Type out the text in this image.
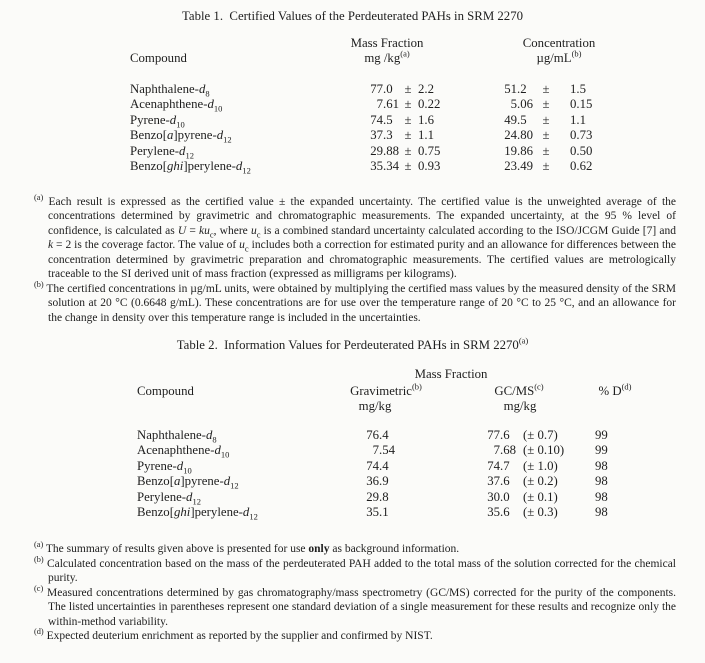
Table 1.  Certified Values of the Perdeuterated PAHs in SRM 2270
Mass Fraction	Concentration
Compound	mg $/kg^{(a)}$	$\mu g/mL^{(b)}$
Naphthalene-$d_8$	77 .0 ± 2.2	51 .2	±	1.5
Acenaphthene-$d_{10}$	7 .61 ± 0.22	5 .06 ±	0.15
Pyrene-$d_{10}$	74 .5 ± 1.6	49 .5	±	1.1
$Benzo[a]pyrene-d_{12}$	37 .3 ± 1.1	24 .80 ±	0.73
Perylene-$d_{12}$	29 .88 ± 0.75	19 .86 ±	0.50
$Benzo[ghi]perylene-d_{12}$	35 .34 ± 0.93	23 .49 ±	0.62
$^{(a)}$ Each result is expressed as the certified value ± the expanded uncertainty. The certified value is the unweighted average of the concentrations determined by gravimetric and chromatographic measurements. The expanded uncertainty, at the 95 % level of confidence, is calculated as $U = ku_c$, where $u_c$ is a combined standard uncertainty calculated according to the ISO/JCGM Guide [7] and k = 2 is the coverage factor. The value of $u_c$ includes both a correction for estimated purity and an allowance for differences between the concentration determined by gravimetric preparation and chromatographic measurements. The certified values are metrologically traceable to the SI derived unit of mass fraction (expressed as milligrams per kilograms).
$^{(b)}$ The certified concentrations in µg/mL units, were obtained by multiplying the certified mass values by the measured density of the SRM solution at 20 °C (0.6648 g/mL). These concentrations are for use over the temperature range of 20 °C to 25 °C, and an allowance for the change in density over this temperature range is included in the uncertainties.
Table 2.  Information Values for Perdeuterated PAHs in SRM 2270$^{(a)}$
Mass Fraction
Compound	Gravimetric$^{(b)}$	GC/MS$^{(c)}$	% $D^{(d)}$
mg/kg	mg/kg
Naphthalene-$d_8$	76 .4	77 .6 (± 0.7)	99
Acenaphthene-$d_{10}$	7 .54	7 .68 (± 0.10) 99
Pyrene-$d_{10}$	74 .4	74 .7 (± 1.0)	98
$Benzo[a]pyrene-d_{12}$	36 .9	37 .6 (± 0.2)	98
Perylene-$d_{12}$	29 .8	30 .0 (± 0.1)	98
$Benzo[ghi]perylene-d_{12}$	35 .1	35 .6 (± 0.3)	98
$^{(a)}$ The summary of results given above is presented for use only as background information.
$^{(b)}$ Calculated concentration based on the mass of the perdeuterated PAH added to the total mass of the solution corrected for the chemical purity.
$^{(c)}$ Measured concentrations determined by gas chromatography/mass spectrometry (GC/MS) corrected for the purity of the components. The listed uncertainties in parentheses represent one standard deviation of a single measurement for these results and recognize only the within-method variability.
$^{(d)}$ Expected deuterium enrichment as reported by the supplier and confirmed by NIST.
